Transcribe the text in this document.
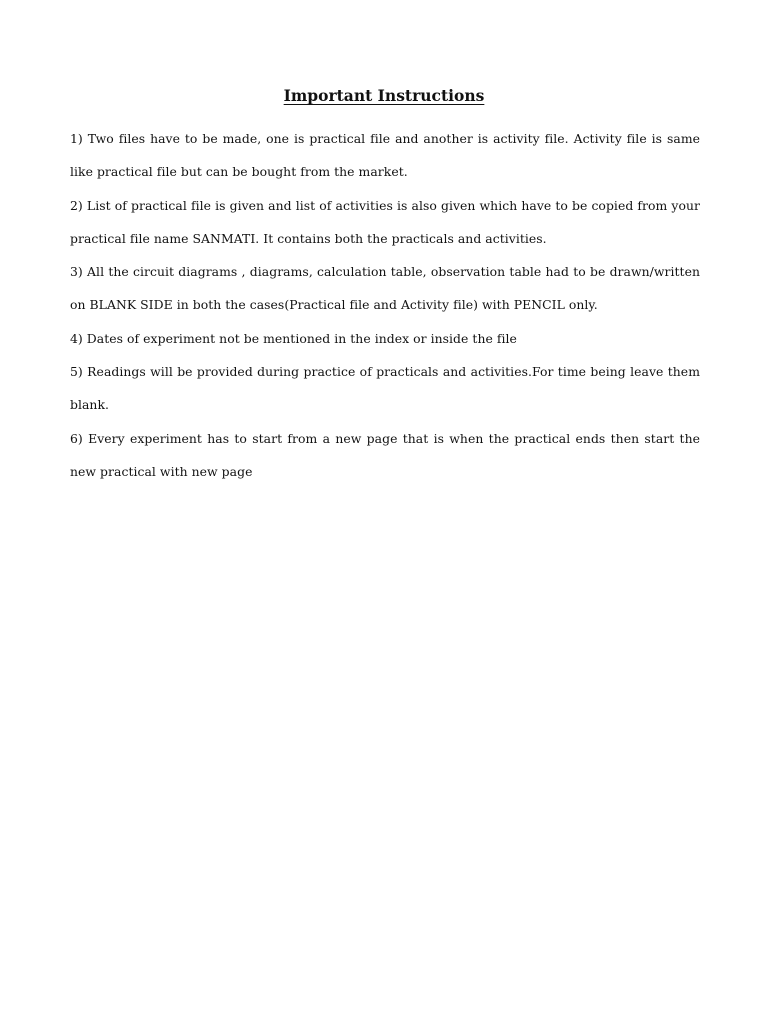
Important Instructions
1) Two files have to be made, one is practical file and another is activity file. Activity file is same like practical file but can be bought from the market.
2) List of practical file is given and list of activities is also given which have to be copied from your practical file name SANMATI. It contains both the practicals and activities.
3) All the circuit diagrams , diagrams, calculation table, observation table had to be drawn/written on BLANK SIDE in both the cases(Practical file and Activity file) with PENCIL only.
4) Dates of experiment not be mentioned in the index or inside the file
5) Readings will be provided during practice of practicals and activities.For time being leave them blank.
6) Every experiment has to start from a new page that is when the practical ends then start the new practical with new page
